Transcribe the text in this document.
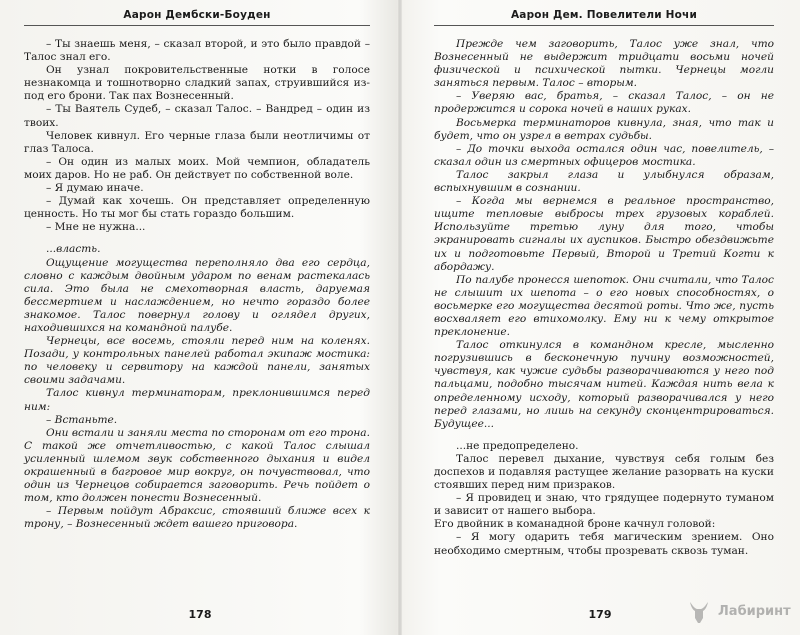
Аарон Дембски-Боуден

– Ты знаешь меня, – сказал второй, и это было правдой – Талос знал его.

Он узнал покровительственные нотки в голосе незнакомца и тошнотворно сладкий запах, струившийся из-под его брони. Так пах Вознесенный.

– Ты Ваятель Судеб, – сказал Талос. – Вандред – один из твоих.

Человек кивнул. Его черные глаза были неотличимы от глаз Талоса.

– Он один из малых моих. Мой чемпион, обладатель моих даров. Но не раб. Он действует по собственной воле.

– Я думаю иначе.

– Думай как хочешь. Он представляет определенную ценность. Но ты мог бы стать гораздо большим.

– Мне не нужна...

...власть.

Ощущение могущества переполняло два его сердца, словно с каждым двойным ударом по венам растекалась сила. Это была не смехотворная власть, даруемая бессмертием и наслаждением, но нечто гораздо более знакомое. Талос повернул голову и оглядел других, находившихся на командной палубе.

Чернецы, все восемь, стояли перед ним на коленях. Позади, у контрольных панелей работал экипаж мостика: по человеку и сервитору на каждой панели, занятых своими задачами.

Талос кивнул терминаторам, преклонившимся перед ним:

– Встаньте.

Они встали и заняли места по сторонам от его трона. С такой же отчетливостью, с какой Талос слышал усиленный шлемом звук собственного дыхания и видел окрашенный в багровое мир вокруг, он почувствовал, что один из Чернецов собирается заговорить. Речь пойдет о том, кто должен понести Вознесенный.

– Первым пойдут Абраксис, стоявший ближе всех к трону, – Вознесенный ждет вашего приговора.

178
Аарон Дем. Повелители Ночи

Прежде чем заговорить, Талос уже знал, что Вознесенный не выдержит тридцати восьми ночей физической и психической пытки. Чернецы могли заняться первым. Талос – вторым.

– Уверяю вас, братья, – сказал Талос, – он не продержится и сорока ночей в наших руках.

Восьмерка терминаторов кивнула, зная, что так и будет, что он узрел в ветрах судьбы.

– До точки выхода остался один час, повелитель, – сказал один из смертных офицеров мостика.

Талос закрыл глаза и улыбнулся образам, вспыхнувшим в сознании.

– Когда мы вернемся в реальное пространство, ищите тепловые выбросы трех грузовых кораблей. Используйте третью луну для того, чтобы экранировать сигналы их ауспиков. Быстро обездвижьте их и подготовьте Первый, Второй и Третий Когти к абордажу.

По палубе пронесся шепоток. Они считали, что Талос не слышит их шепота – о его новых способностях, о восьмерке его могущества десятой роты. Что же, пусть восхваляет его втихомолку. Ему ни к чему открытое преклонение.

Талос откинулся в командном кресле, мысленно погрузившись в бесконечную пучину возможностей, чувствуя, как чужие судьбы разворачиваются у него под пальцами, подобно тысячам нитей. Каждая нить вела к определенному исходу, который разворачивался у него перед глазами, но лишь на секунду сконцентрироваться. Будущее...

...не предопределено.

Талос перевел дыхание, чувствуя себя голым без доспехов и подавляя растущее желание разорвать на куски стоявших перед ним призраков.

– Я провидец и знаю, что грядущее подернуто туманом и зависит от нашего выбора.

Его двойник в команадной броне качнул головой:

– Я могу одарить тебя магическим зрением. Оно необходимо смертным, чтобы прозревать сквозь туман.

179	Лабиринт
